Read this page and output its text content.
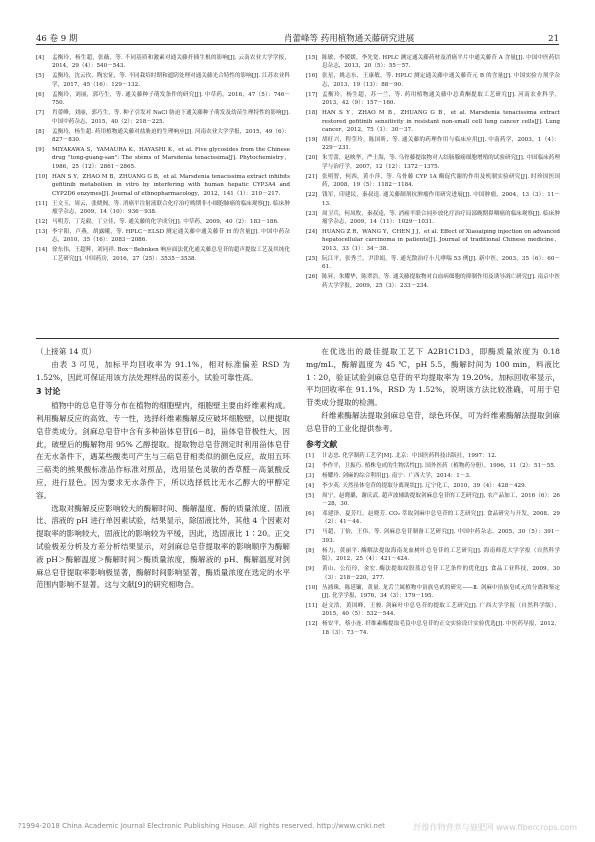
46 卷 9 期	肖蕾峰等 药用植物通关藤研究进展	21
[4]	孟衡玲，杨生超，张薇，等. 不同基质和激素对通关藤扦插生根的影响[J]. 云南农业大学学报，2014，29（4）：540－543.
[5]	孟衡玲，沈云玫，陶宏征，等. 不同栽培时期和遮阴处理对通关藤光合特性的影响[J]. 江苏农业科学，2017，45（16）：129－132.
[6]	孟衡玲，刘丽，郭巧生，等. 通关藤种子萌发条件的研究[J]. 中草药，2016，47（5）：746－750.
[7]	肖蕾峰，刘丽，郭巧生，等. 种子引发对 NaCl 胁迫下通关藤种子萌发及幼苗生理特性的影响[J]. 中国中药杂志，2015，40（2）：218－225.
[8]	孟衡玲，杨生超. 药用植物通关藤对盐胁迫的生理响应[J]. 河南农业大学学报，2015，49（6）：827－830.
[9]	MIYAKAWA S，YAMAURA K，HAYASHI K，et al. Five glycosides from the Chinese drug "tong-guang-san": The stems of Marsdenia tenacissima[J]. Phytochemistry，1986，25（12）：2861－2865.
[10] HAN S Y，ZHAO M B，ZHUANG G B，et al. Marsdenia tenacissima extract inhibits gefitinib metabolism in vitro by interfering with human hepatic CYP3A4 and CYP2D6 enzymes[J]. Journal of ethnopharmacology，2012，141（1）：210－217.
[11] 王文玉，周云，张晓阁，等. 消癌平注射液联合化疗治疗晚期非小细胞肺癌的临床观察[J]. 临床肿瘤学杂志，2009，14（10）：936－938.
[12] 马明芳，丁克毅，丁立佳，等. 通关藤的化学成分[J]. 中草药，2009，40（2）：183－186.
[13] 李宇阳，卢燕，胡露曦，等. HPLC－ELSD 测定通关藤中通关藤苷 H 的含量[J]. 中国中药杂志，2010，35（16）：2083－2086.
[14] 徐东伟，王超辉，刘同祥. Box－Behnken 响应面法优化通关藤总皂苷的超声提取工艺及其纯化工艺研究[J]. 中国药房，2016，27（25）：3535－3538.
[15] 陈敏，李媛媛，李先宽. HPLC 测定通关藤药材及消癌平片中通关藤苷 A 含量[J]. 中国中医药信息杂志，2013，20（5）：55－57.
[16] 张星，姚志东，王康敏，等. HPLC 测定通关藤中通关藤苷元 B 的含量[J]. 中国实验方剂学杂志，2013，19（13）：88－90.
[17] 孟衡玲，杨生超，苏一兰，等. 药用植物通关藤中总黄酮提取工艺研究[J]. 河南农业科学，2013，42（9）：157－160.
[18] HAN S Y，ZHAO M B，ZHUANG G B，et al. Marsdenia tenacissima extract restored gefitinib sensitivity in resistant non-small cell lung cancer cells[J]. Lung cancer，2012，75（1）：30－37.
[19] 胡旺兴，程莹玲，陈国昕，等. 通关藤的药理作用与临床应用[J]. 中南药学，2003，1（4）：229－231.
[20] 朱雪蕾，赵映华，严士海，等. 乌骨藤提取物对人结肠腺癌细胞增殖的试验研究[J]. 中国临床药理学与治疗学，2007，12（12）：1372－1375.
[21] 张明智，何西，黄小萍，等. 乌骨藤 CYP 1A 酶促代谢的作用及机制实验研究[J]. 时珍国医国药，2008，19（5）：1182－1184.
[22] 钱军，印建民，秦叔逵. 通关藤制剂抗肿瘤作用研究进展[J]. 中国肿瘤，2004，13（3）：11－13.
[23] 周卫兵，何凤牧，秦叔逵，等. 消癌平联合同步放化疗治疗局部晚期鼻咽癌的临床观察[J]. 临床肿瘤学杂志，2009，14（11）：1029－1031.
[24] HUANG Z R，WANG Y，CHEN J J，et al. Effect of Xiaoaiping injection on advanced hepatocellular carcinoma in patients[J]. Journal of traditional Chinese medicine，2013，33（1）：34－38.
[25] 阮江平，张秀兰，尹津娟，等. 通光散治疗小儿哮喘 53 例[J]. 新中医，2003，35（6）：60－61.
[26] 陈昇，朱耀华，陈翠浩，等. 通关藤提取物对白血病细胞的抑制作用及诱导凋亡研究[J]. 南京中医药大学学报，2009，25（3）：233－234.

（上接第 14 页）

由表 3 可见，加标平均回收率为 91.1%，相对标准偏差 RSD 为 1.52%，因此可保证用该方法处理样品的误差小，试验可靠性高。

3 讨论

植物中的总皂苷等分布在植物的细胞壁内，细胞壁主要由纤维素构成。利用酶解反应的高效、专一性，选择纤维素酶解反应破坏细胞壁，以便提取皂苷类成分。剑麻总皂苷中含有多种甾体皂苷[6－8]，甾体皂苷极性大，因此，破壁后的酶解物用 95% 乙醇提取。提取物总皂苷测定时利用甾体皂苷在无水条件下，遇某些酸类可产生与三萜皂苷相类似的颜色反应，故用五环三萜类的熊果酸标准品作标准对照品，选用显色灵敏的香草醛－高氯酸反应，进行显色。因为要求无水条件下，所以选择低比无水乙醇大的甲醇定容。

选取对酶解反应影响较大的酶解时间、酶解温度、酶的质量浓度、固液比、溶液的 pH 进行单因素试验，结果显示，除固液比外，其他 4 个因素对提取率的影响较大，固液比的影响较为平缓，因此，选固液比 1∶20。正交试验极差分析及方差分析结果显示，对剑麻总皂苷提取率的影响顺序为酶解液 pH＞酶解温度＞酶解时间＞酶质量浓度，酶解液的 pH、酶解温度对剑麻总皂苷提取率影响极显著，酶解时间影响显著，酶质量浓度在选定的水平范围内影响不显著。这与文献[9]的研究相吻合。

在优选出的最佳提取工艺下 A2B1C1D3，即酶质量浓度为 0.18 mg/mL，酶解温度为 45 ℃，pH 5.5，酶解时间为 100 min，料液比 1∶20，验证试验剑麻总皂苷的平均提取率为 19.20%。加标回收率显示，平均回收率在 91.1%，RSD 为 1.52%，说明该方法比较准确，可用于皂苷类成分提取的检测。

纤维素酶解法提取剑麻总皂苷，绿色环保，可为纤维素酶解法提取剑麻总皂苷的工业化提供参考。

参考文献
[1]	计志忠. 化学制药工艺学[M]. 北京：中国医药科技出版社，1997：12.
[2]	李作平，卫振巧. 植株皂甙的生物活性[J]. 国外医药（植物药分册），1996，11（2）：51－55.
[3]	杨耀玲. 剑麻的综合利用[J]. 南宁：广西大学，2014：1－3.
[4]	李少英. 天然甾体皂苷的提取分离现状[J]. 辽宁化工，2010，39（4）：428－429.
[5]	周宁，赵晓璐，谢庆武. 超声波辅助提取剑麻总皂苷的工艺研究[J]. 农产品加工，2016（6）：26－28，30.
[6]	邓建泽，夏芳红，赵晓芳. CO₂ 萃取剑麻中总皂苷的工艺研究[J]. 食品研究与开发，2008，29（2）：41－44.
[7]	马超，丁怡，王伟，等. 剑麻总皂苷制备工艺研究[J]. 中国中药杂志，2005，30（5）：391－393.
[8]	杨力，黄丽平. 酶解法提取海南龙血树叶总皂苷的工艺研究[J]. 海南师范大学学报（自然科学版），2012，25（4）：421－424.
[9]	黄山，公衍玲，金宏. 酶法提取纹股蓝总皂苷工艺条件的优化[J]. 食品工业科技，2009，30（3）：218－220，277.
[10] 丛浦珠，陈延镛，黄量. 龙舌兰属植物中甾族皂甙的研究——Ⅱ. 剑麻中甾族皂甙元的分离和鉴定[J]. 化学学报，1976，34（3）：179－195.
[11] 赵文浩，黄国峰，王骏. 剑麻叶中总皂苷的提取工艺研究[J]. 广西大学学报（自然科学版），2015，40（5）：532－544.
[12] 杨安平，蔡小连. 纤维素酶提取毛茛中总皂苷的正交实验设计实验优选[J]. 中医药导报，2012，18（3）：73－74.
?1994-2018 China Academic Journal Electronic Publishing House. All rights reserved. http://www.cnki.net	纤维作物营养与施肥网 www.fibercrops.com
